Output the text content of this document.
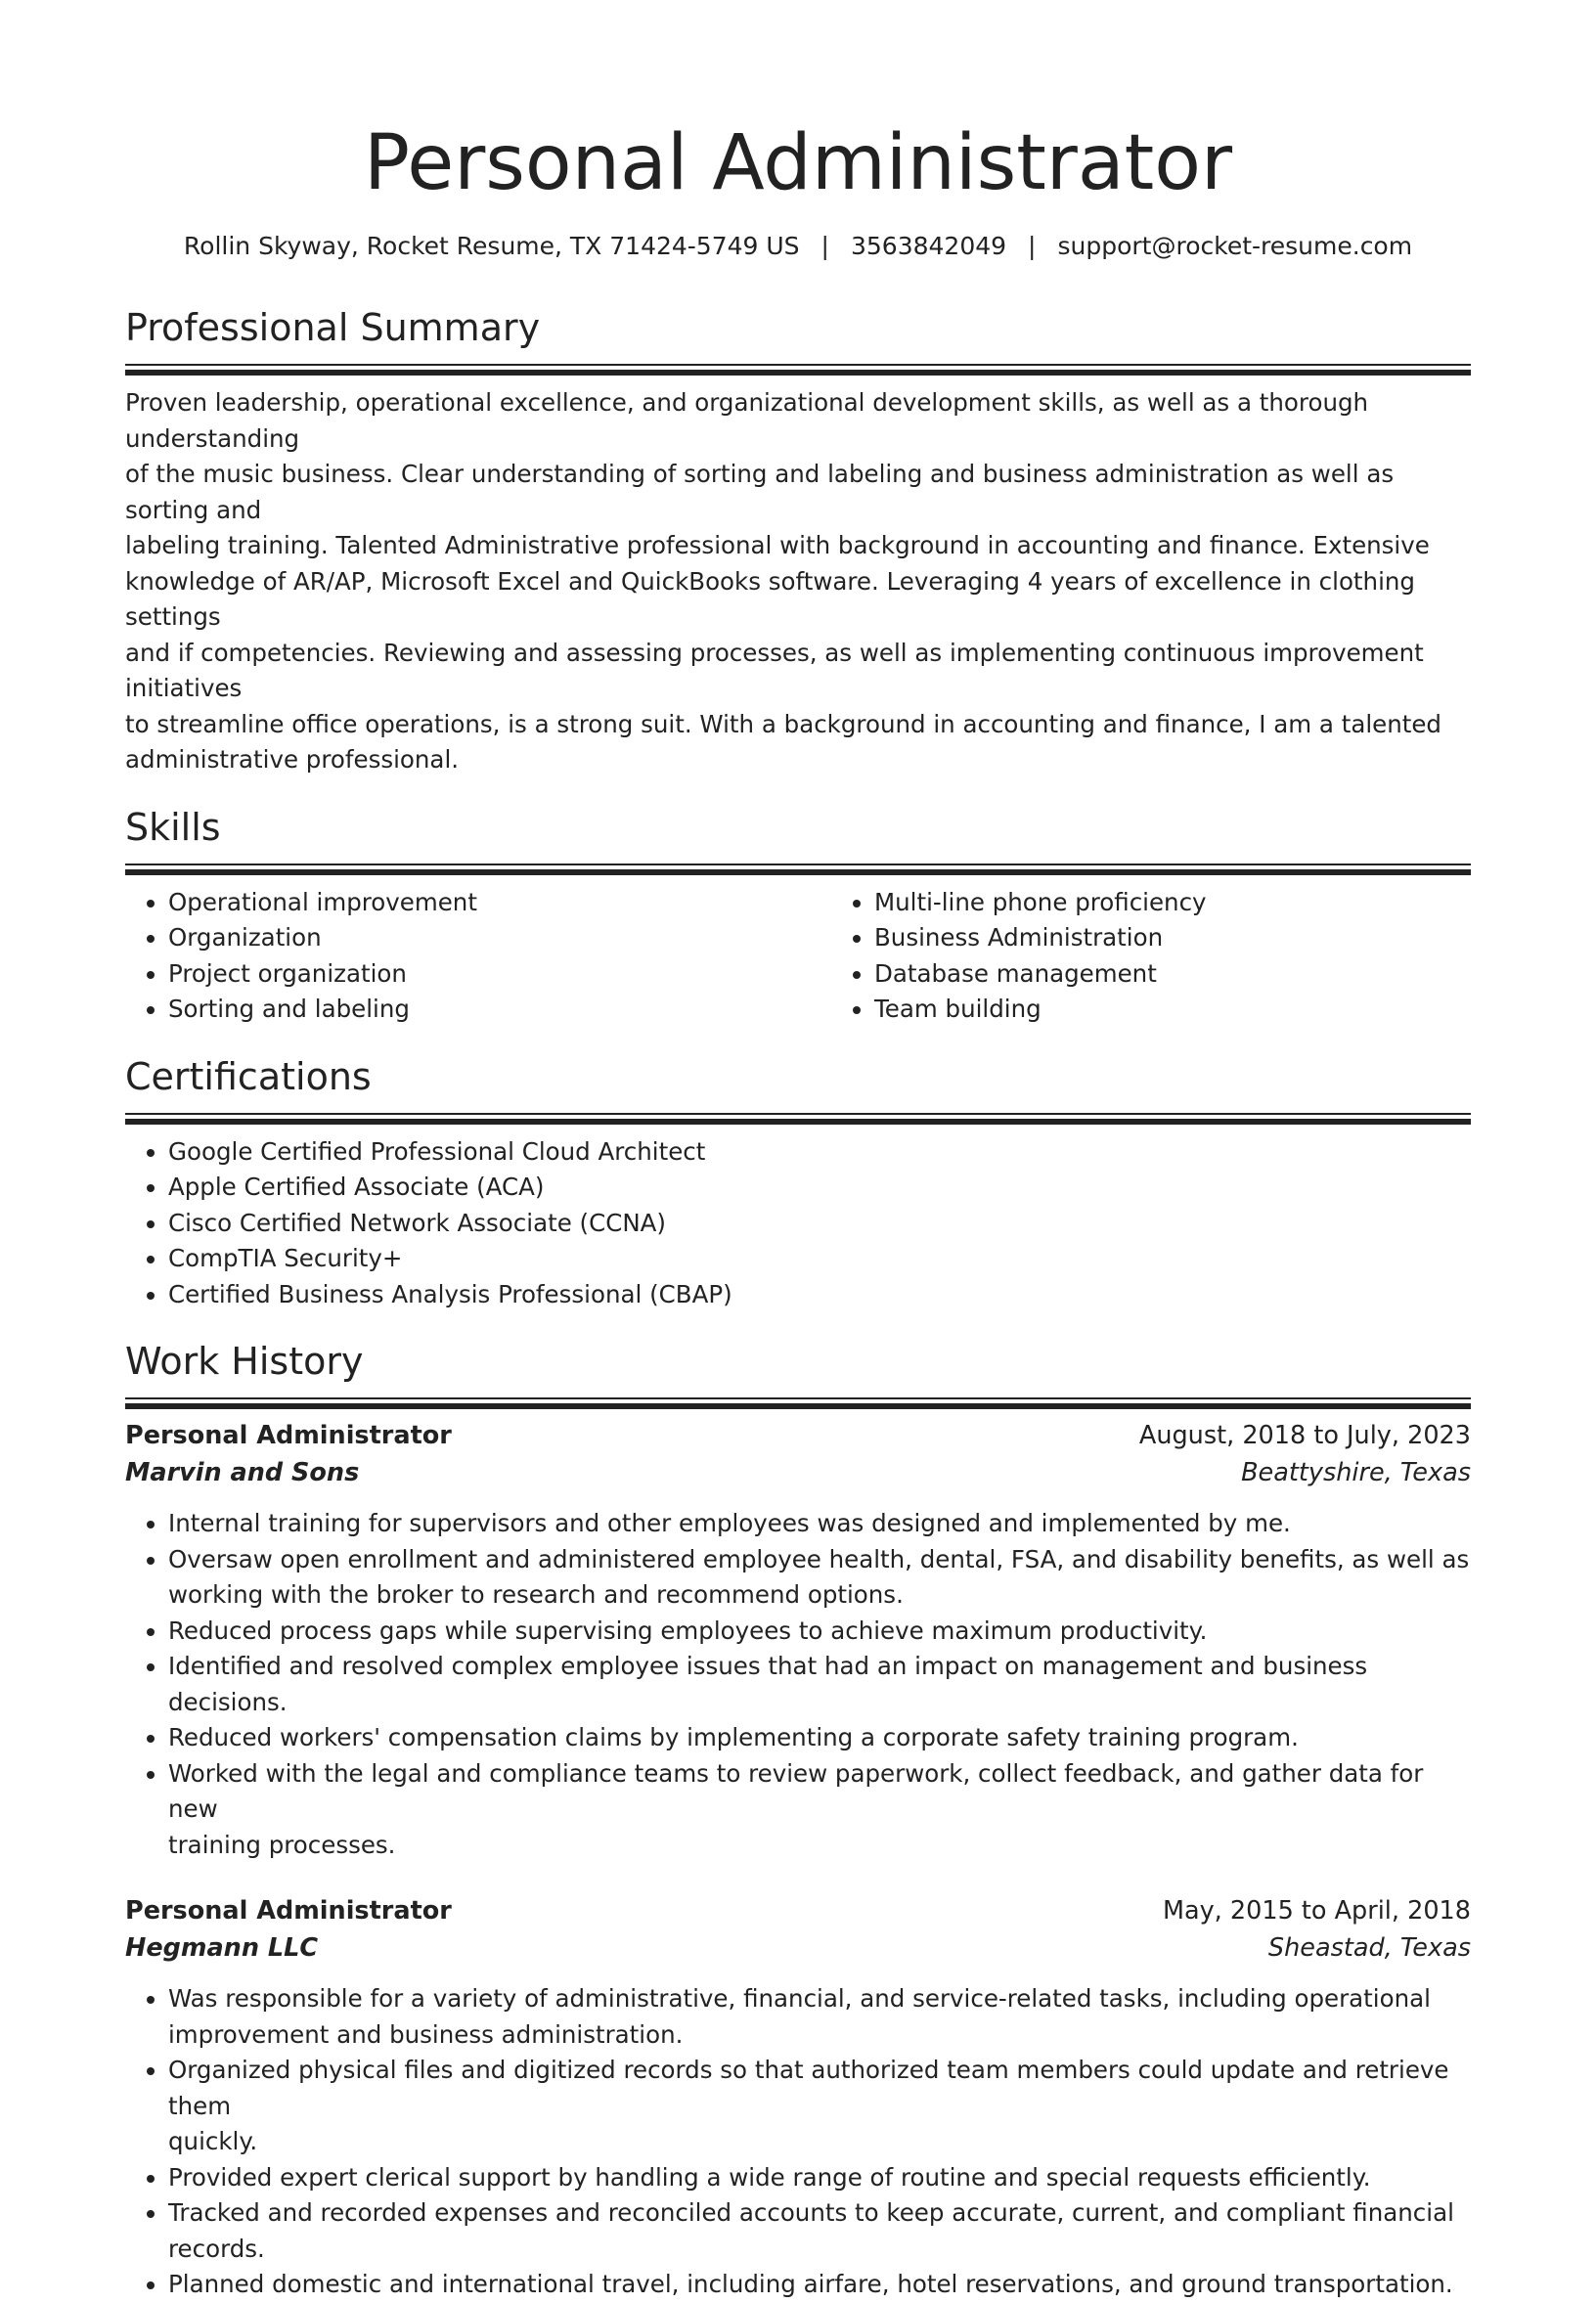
Personal Administrator
Rollin Skyway, Rocket Resume, TX 71424-5749 US | 3563842049 | support@rocket-resume.com
Professional Summary
Proven leadership, operational excellence, and organizational development skills, as well as a thorough understanding
of the music business. Clear understanding of sorting and labeling and business administration as well as sorting and
labeling training. Talented Administrative professional with background in accounting and finance. Extensive
knowledge of AR/AP, Microsoft Excel and QuickBooks software. Leveraging 4 years of excellence in clothing settings
and if competencies. Reviewing and assessing processes, as well as implementing continuous improvement initiatives
to streamline office operations, is a strong suit. With a background in accounting and finance, I am a talented
administrative professional.
Skills
• Operational improvement
• Organization
• Project organization
• Sorting and labeling
• Multi-line phone proficiency
• Business Administration
• Database management
• Team building
Certifications
• Google Certified Professional Cloud Architect
• Apple Certified Associate (ACA)
• Cisco Certified Network Associate (CCNA)
• CompTIA Security+
• Certified Business Analysis Professional (CBAP)
Work History
Personal Administrator	August, 2018 to July, 2023
Marvin and Sons	Beattyshire, Texas
• Internal training for supervisors and other employees was designed and implemented by me.
• Oversaw open enrollment and administered employee health, dental, FSA, and disability benefits, as well as
working with the broker to research and recommend options.
• Reduced process gaps while supervising employees to achieve maximum productivity.
• Identified and resolved complex employee issues that had an impact on management and business decisions.
• Reduced workers' compensation claims by implementing a corporate safety training program.
• Worked with the legal and compliance teams to review paperwork, collect feedback, and gather data for new
training processes.
Personal Administrator	May, 2015 to April, 2018
Hegmann LLC	Sheastad, Texas
• Was responsible for a variety of administrative, financial, and service-related tasks, including operational
improvement and business administration.
• Organized physical files and digitized records so that authorized team members could update and retrieve them
quickly.
• Provided expert clerical support by handling a wide range of routine and special requests efficiently.
• Tracked and recorded expenses and reconciled accounts to keep accurate, current, and compliant financial
records.
• Planned domestic and international travel, including airfare, hotel reservations, and ground transportation.
